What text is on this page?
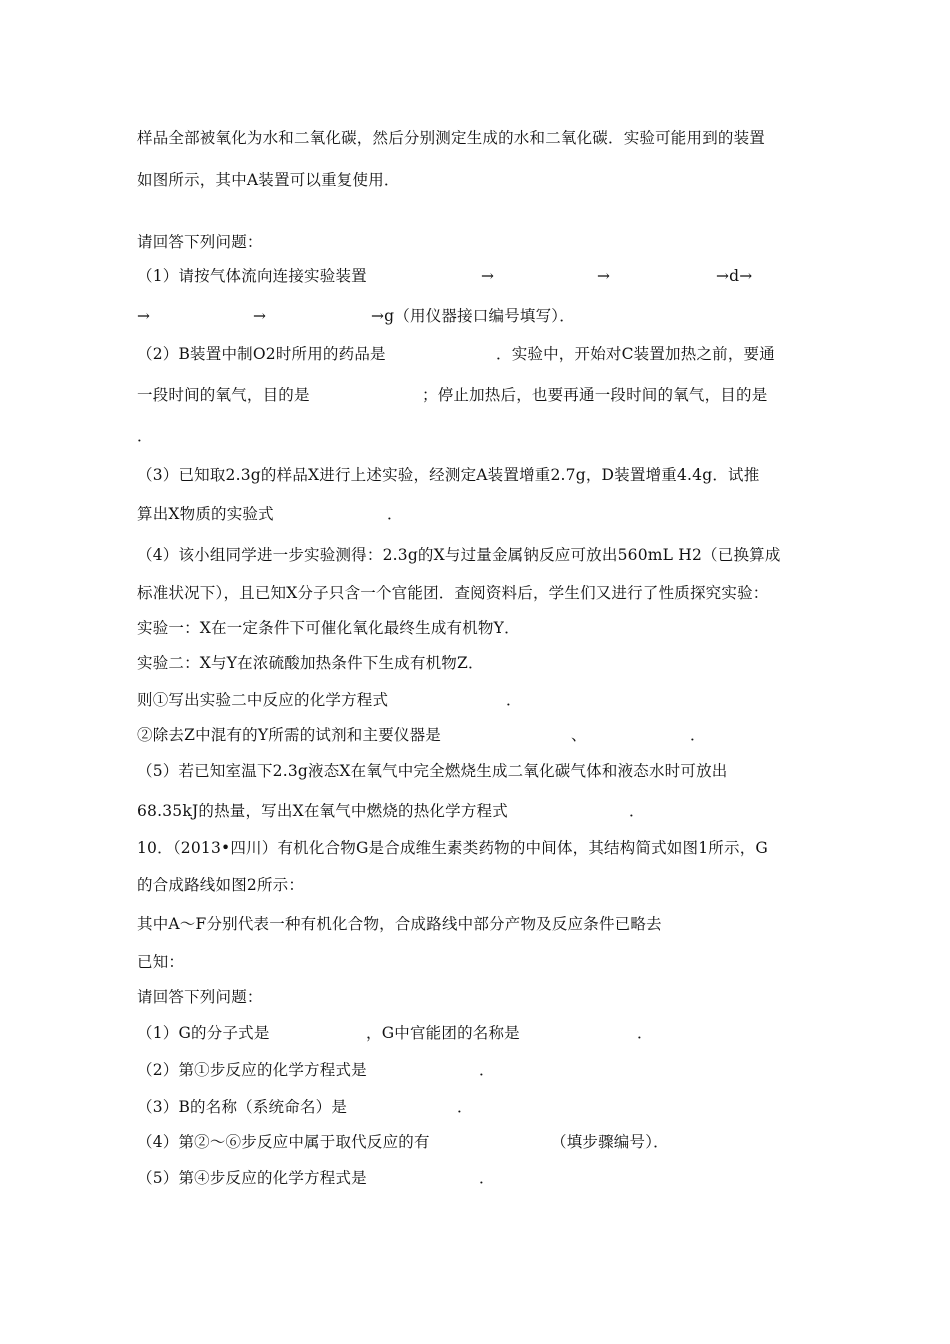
样品全部被氧化为水和二氧化碳，然后分别测定生成的水和二氧化碳．实验可能用到的装置
如图所示，其中A装置可以重复使用．
请回答下列问题：
（1）请按气体流向连接实验装置	→	→	→d→
→	→	→g（用仪器接口编号填写）．
（2）B装置中制O2时所用的药品是	．实验中，开始对C装置加热之前，要通
一段时间的氧气，目的是	；停止加热后，也要再通一段时间的氧气，目的是
．
（3）已知取2.3g的样品X进行上述实验，经测定A装置增重2.7g，D装置增重4.4g．试推
算出X物质的实验式	．
（4）该小组同学进一步实验测得：2.3g的X与过量金属钠反应可放出560mL H2（已换算成
标准状况下），且已知X分子只含一个官能团．查阅资料后，学生们又进行了性质探究实验：
实验一：X在一定条件下可催化氧化最终生成有机物Y．
实验二：X与Y在浓硫酸加热条件下生成有机物Z．
则①写出实验二中反应的化学方程式	．
②除去Z中混有的Y所需的试剂和主要仪器是	、	．
（5）若已知室温下2.3g液态X在氧气中完全燃烧生成二氧化碳气体和液态水时可放出
68.35kJ的热量，写出X在氧气中燃烧的热化学方程式	．
10．（2013•四川）有机化合物G是合成维生素类药物的中间体，其结构简式如图1所示，G
的合成路线如图2所示：
其中A～F分别代表一种有机化合物，合成路线中部分产物及反应条件已略去
已知：
请回答下列问题：
（1）G的分子式是	，G中官能团的名称是	．
（2）第①步反应的化学方程式是	．
（3）B的名称（系统命名）是	．
（4）第②～⑥步反应中属于取代反应的有	（填步骤编号）．
（5）第④步反应的化学方程式是	．
